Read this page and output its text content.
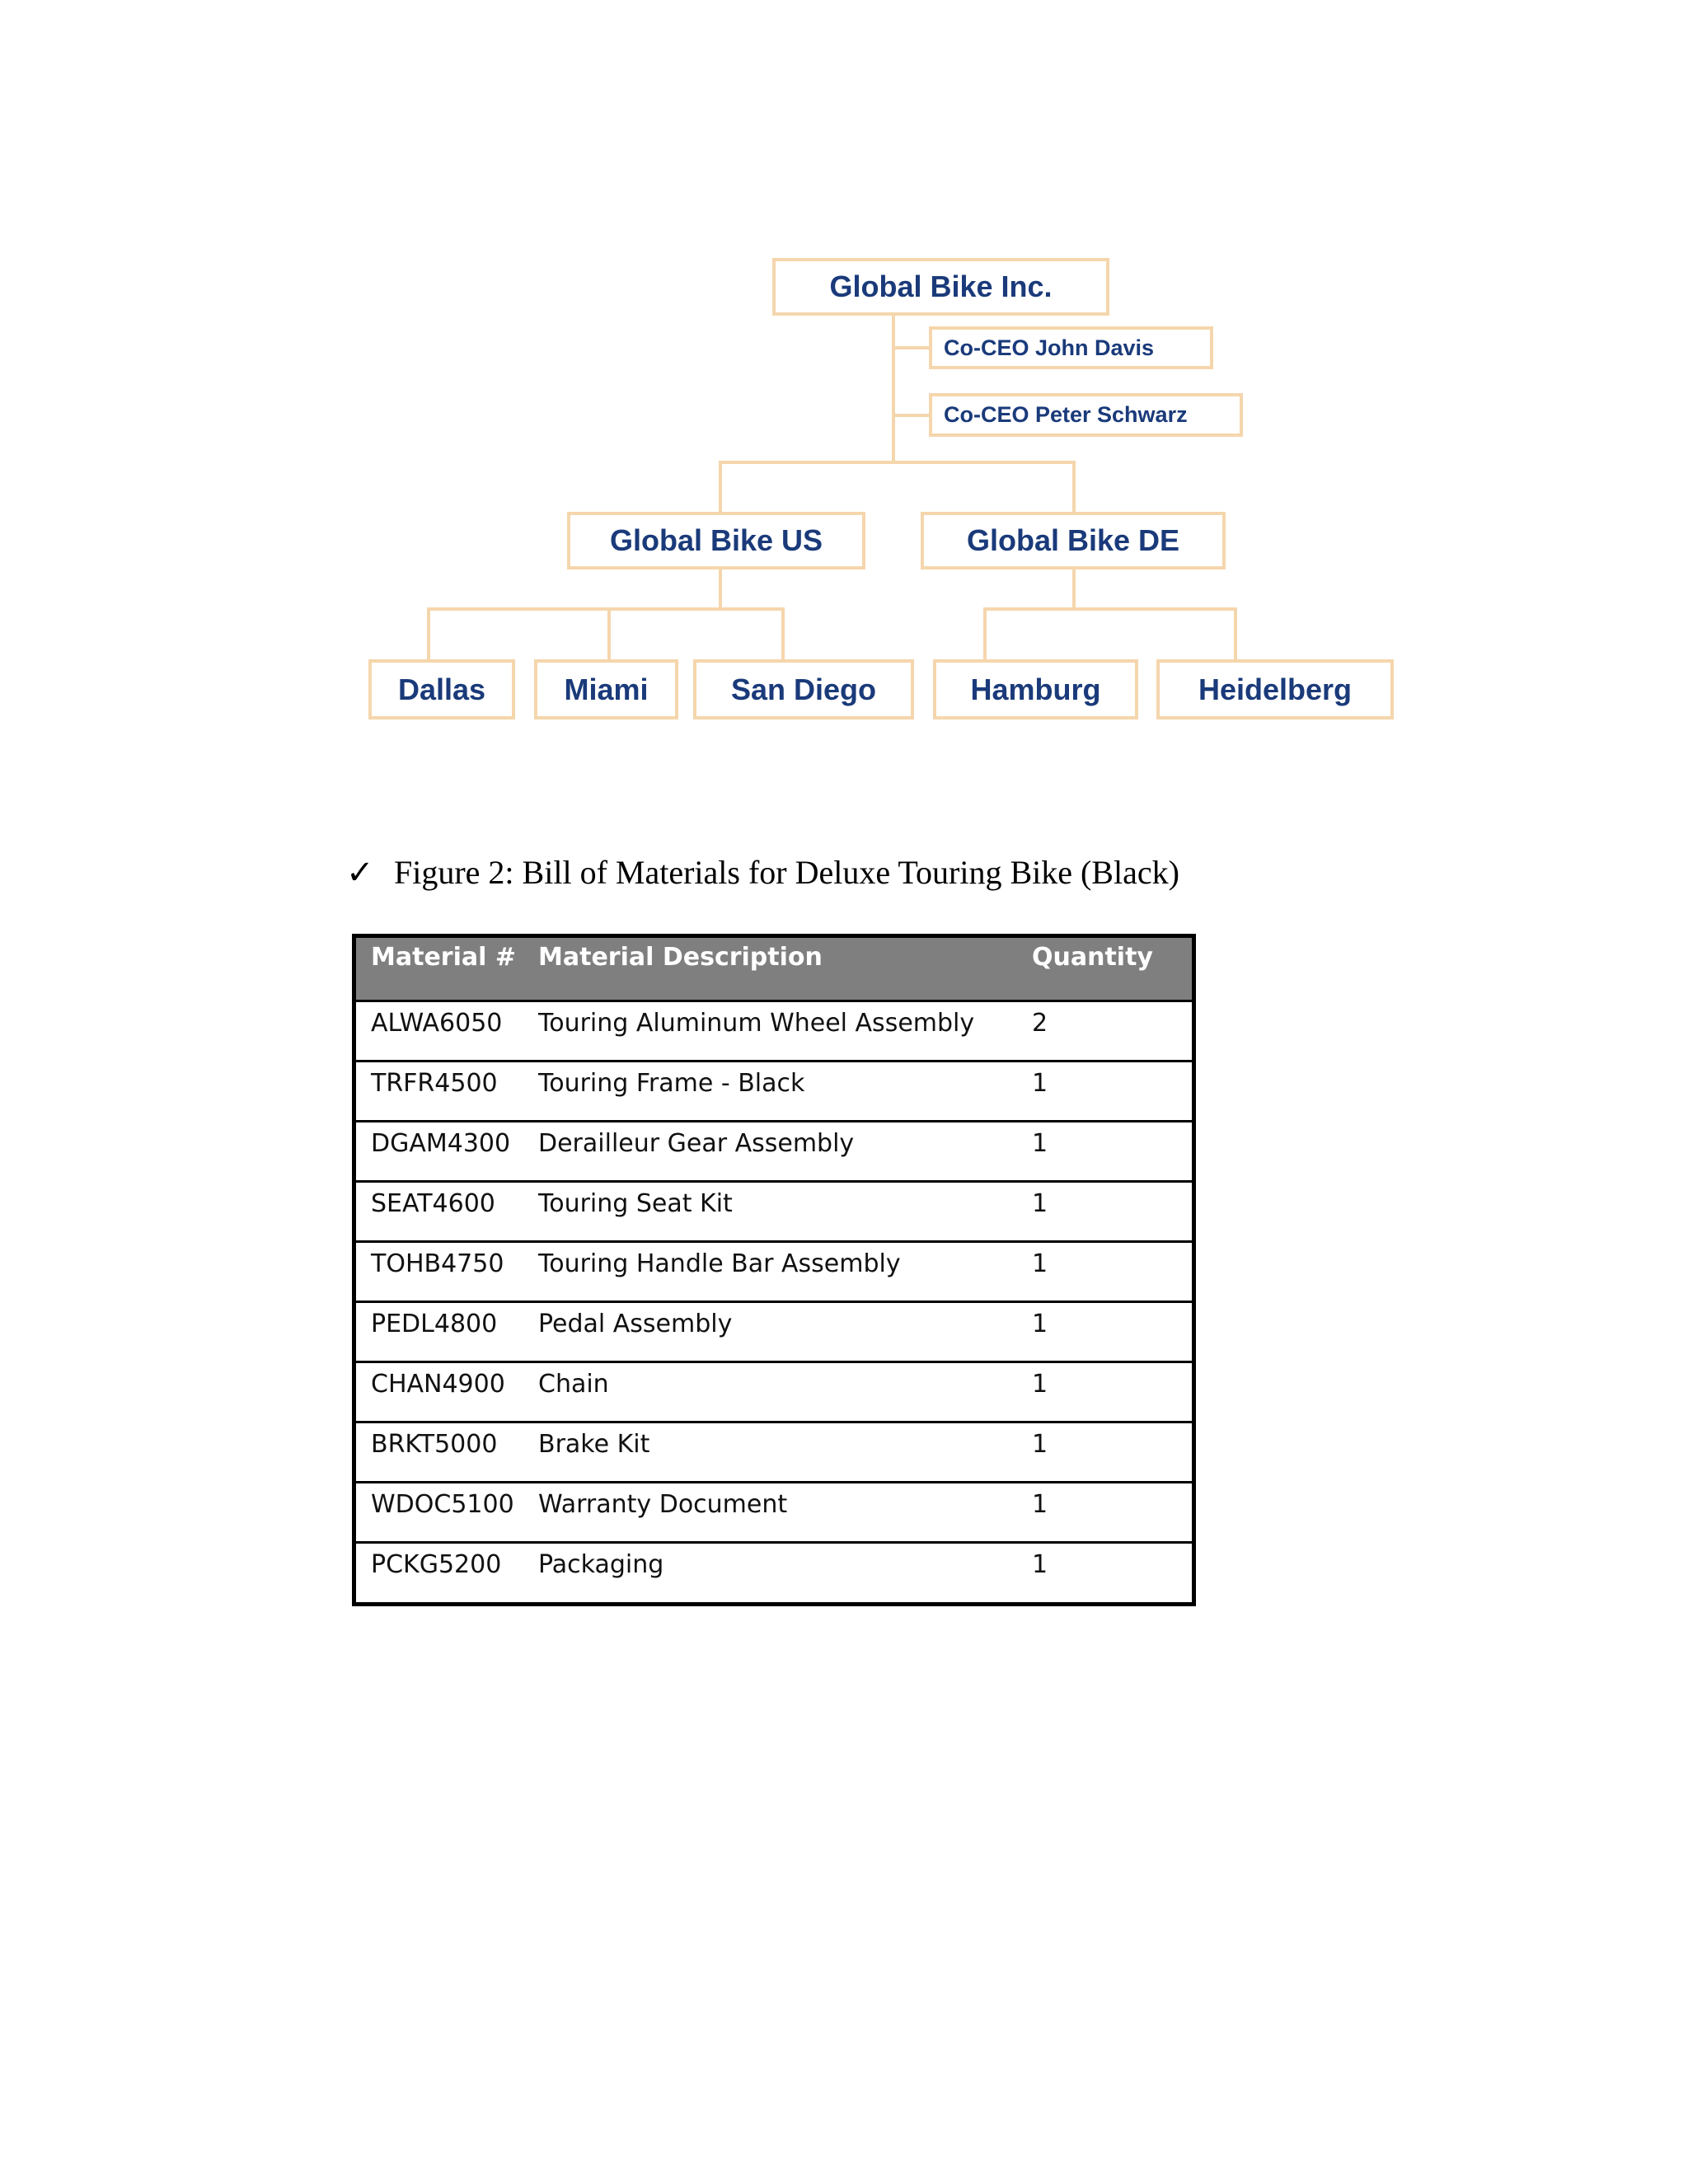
Global Bike Inc.
Co-CEO John Davis
Co-CEO Peter Schwarz
Global Bike US	Global Bike DE
Dallas	Miami	San Diego	Hamburg	Heidelberg
✓ Figure 2: Bill of Materials for Deluxe Touring Bike (Black)
Material #	Material Description	Quantity
ALWA6050	Touring Aluminum Wheel Assembly	2
TRFR4500	Touring Frame - Black	1
DGAM4300	Derailleur Gear Assembly	1
SEAT4600	Touring Seat Kit	1
TOHB4750	Touring Handle Bar Assembly	1
PEDL4800	Pedal Assembly	1
CHAN4900	Chain	1
BRKT5000	Brake Kit	1
WDOC5100	Warranty Document	1
PCKG5200	Packaging	1
